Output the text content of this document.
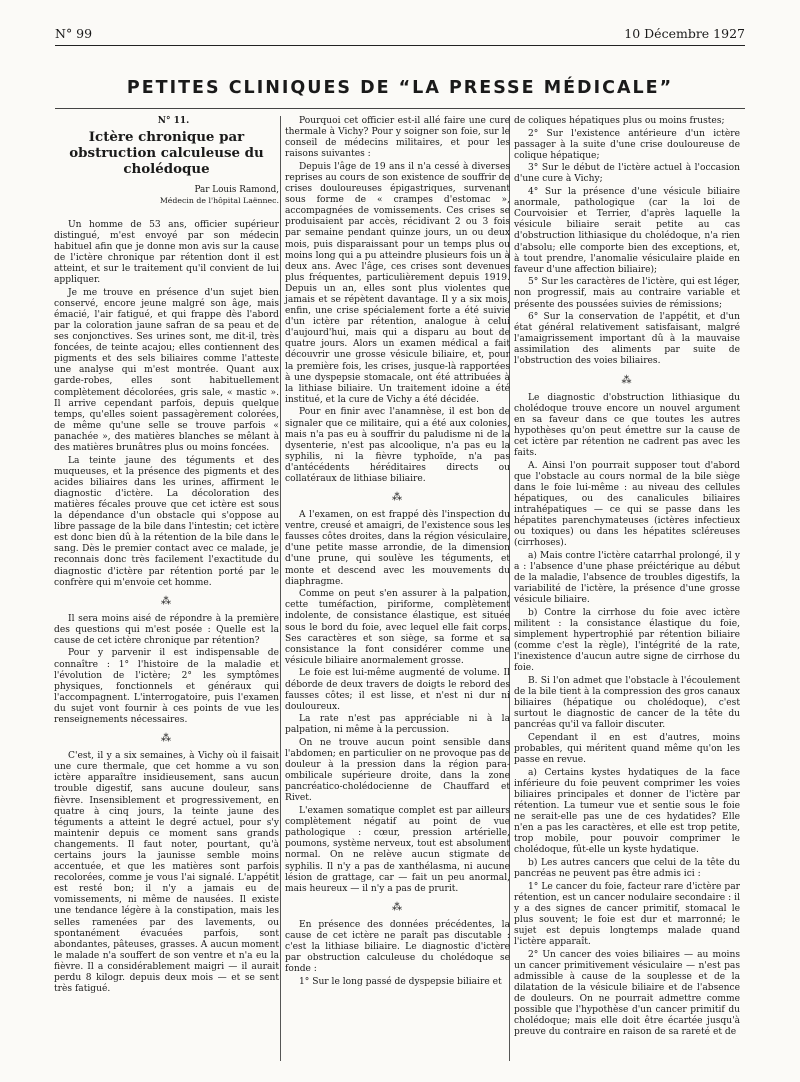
N° 99	10 Décembre 1927
PETITES CLINIQUES DE “LA PRESSE MÉDICALE”

N° 11.

Ictère chronique par obstruction calculeuse du cholédoque
Par Louis Ramond,
Médecin de l'hôpital Laënnec.

Un homme de 53 ans, officier supérieur distingué, m'est envoyé par son médecin habituel afin que je donne mon avis sur la cause de l'ictère chronique par rétention dont il est atteint, et sur le traitement qu'il convient de lui appliquer.

Je me trouve en présence d'un sujet bien conservé, encore jeune malgré son âge, mais émacié, l'air fatigué, et qui frappe dès l'abord par la coloration jaune safran de sa peau et de ses conjonctives. Ses urines sont, me dit-il, très foncées, de teinte acajou; elles contiennent des pigments et des sels biliaires comme l'atteste une analyse qui m'est montrée. Quant aux garde-robes, elles sont habituellement complètement décolorées, gris sale, « mastic ». Il arrive cependant parfois, depuis quelque temps, qu'elles soient passagèrement colorées, de même qu'une selle se trouve parfois « panachée », des matières blanches se mêlant à des matières brunâtres plus ou moins foncées.

La teinte jaune des téguments et des muqueuses, et la présence des pigments et des acides biliaires dans les urines, affirment le diagnostic d'ictère. La décoloration des matières fécales prouve que cet ictère est sous la dépendance d'un obstacle qui s'oppose au libre passage de la bile dans l'intestin; cet ictère est donc bien dû à la rétention de la bile dans le sang. Dès le premier contact avec ce malade, je reconnais donc très facilement l'exactitude du diagnostic d'ictère par rétention porté par le confrère qui m'envoie cet homme.

⁂

Il sera moins aisé de répondre à la première des questions qui m'est posée : Quelle est la cause de cet ictère chronique par rétention?

Pour y parvenir il est indispensable de connaître : 1° l'histoire de la maladie et l'évolution de l'ictère; 2° les symptômes physiques, fonctionnels et généraux qui l'accompagnent. L'interrogatoire, puis l'examen du sujet vont fournir à ces points de vue les renseignements nécessaires.

⁂

C'est, il y a six semaines, à Vichy où il faisait une cure thermale, que cet homme a vu son ictère apparaître insidieusement, sans aucun trouble digestif, sans aucune douleur, sans fièvre. Insensiblement et progressivement, en quatre à cinq jours, la teinte jaune des téguments a atteint le degré actuel, pour s'y maintenir depuis ce moment sans grands changements. Il faut noter, pourtant, qu'à certains jours la jaunisse semble moins accentuée, et que les matières sont parfois recolorées, comme je vous l'ai signalé. L'appétit est resté bon; il n'y a jamais eu de vomissements, ni même de nausées. Il existe une tendance légère à la constipation, mais les selles ramenées par des lavements, ou spontanément évacuées parfois, sont abondantes, pâteuses, grasses. A aucun moment le malade n'a souffert de son ventre et n'a eu la fièvre. Il a considérablement maigri — il aurait perdu 8 kilogr. depuis deux mois — et se sent très fatigué.

Pourquoi cet officier est-il allé faire une cure thermale à Vichy? Pour y soigner son foie, sur le conseil de médecins militaires, et pour les raisons suivantes :

Depuis l'âge de 19 ans il n'a cessé à diverses reprises au cours de son existence de souffrir de crises douloureuses épigastriques, survenant sous forme de « crampes d'estomac », accompagnées de vomissements. Ces crises se produisaient par accès, récidivant 2 ou 3 fois par semaine pendant quinze jours, un ou deux mois, puis disparaissant pour un temps plus ou moins long qui a pu atteindre plusieurs fois un à deux ans. Avec l'âge, ces crises sont devenues plus fréquentes, particulièrement depuis 1919. Depuis un an, elles sont plus violentes que jamais et se répètent davantage. Il y a six mois, enfin, une crise spécialement forte a été suivie d'un ictère par rétention, analogue à celui d'aujourd'hui, mais qui a disparu au bout de quatre jours. Alors un examen médical a fait découvrir une grosse vésicule biliaire, et, pour la première fois, les crises, jusque-là rapportées à une dyspepsie stomacale, ont été attribuées à la lithiase biliaire. Un traitement idoine a été institué, et la cure de Vichy a été décidée.

Pour en finir avec l'anamnèse, il est bon de signaler que ce militaire, qui a été aux colonies, mais n'a pas eu à souffrir du paludisme ni de la dysenterie, n'est pas alcoolique, n'a pas eu la syphilis, ni la fièvre typhoïde, n'a pas d'antécédents héréditaires directs ou collatéraux de lithiase biliaire.

⁂

A l'examen, on est frappé dès l'inspection du ventre, creusé et amaigri, de l'existence sous les fausses côtes droites, dans la région vésiculaire, d'une petite masse arrondie, de la dimension d'une prune, qui soulève les téguments, et monte et descend avec les mouvements du diaphragme.

Comme on peut s'en assurer à la palpation, cette tuméfaction, piriforme, complètement indolente, de consistance élastique, est située sous le bord du foie, avec lequel elle fait corps. Ses caractères et son siège, sa forme et sa consistance la font considérer comme une vésicule biliaire anormalement grosse.

Le foie est lui-même augmenté de volume. Il déborde de deux travers de doigts le rebord des fausses côtes; il est lisse, et n'est ni dur ni douloureux.

La rate n'est pas appréciable ni à la palpation, ni même à la percussion.

On ne trouve aucun point sensible dans l'abdomen; en particulier on ne provoque pas de douleur à la pression dans la région para-ombilicale supérieure droite, dans la zone pancréatico-cholédocienne de Chauffard et Rivet.

L'examen somatique complet est par ailleurs complètement négatif au point de vue pathologique : cœur, pression artérielle, poumons, système nerveux, tout est absolument normal. On ne relève aucun stigmate de syphilis. Il n'y a pas de xanthélasma, ni aucune lésion de grattage, car — fait un peu anormal, mais heureux — il n'y a pas de prurit.

⁂

En présence des données précédentes, la cause de cet ictère ne paraît pas discutable : c'est la lithiase biliaire. Le diagnostic d'ictère par obstruction calculeuse du cholédoque se fonde :

1° Sur le long passé de dyspepsie biliaire et

de coliques hépatiques plus ou moins frustes;

2° Sur l'existence antérieure d'un ictère passager à la suite d'une crise douloureuse de colique hépatique;

3° Sur le début de l'ictère actuel à l'occasion d'une cure à Vichy;

4° Sur la présence d'une vésicule biliaire anormale, pathologique (car la loi de Courvoisier et Terrier, d'après laquelle la vésicule biliaire serait petite au cas d'obstruction lithiasique du cholédoque, n'a rien d'absolu; elle comporte bien des exceptions, et, à tout prendre, l'anomalie vésiculaire plaide en faveur d'une affection biliaire);

5° Sur les caractères de l'ictère, qui est léger, non progressif, mais au contraire variable et présente des poussées suivies de rémissions;

6° Sur la conservation de l'appétit, et d'un état général relativement satisfaisant, malgré l'amaigrissement important dû à la mauvaise assimilation des aliments par suite de l'obstruction des voies biliaires.

⁂

Le diagnostic d'obstruction lithiasique du cholédoque trouve encore un nouvel argument en sa faveur dans ce que toutes les autres hypothèses qu'on peut émettre sur la cause de cet ictère par rétention ne cadrent pas avec les faits.

A. Ainsi l'on pourrait supposer tout d'abord que l'obstacle au cours normal de la bile siège dans le foie lui-même : au niveau des cellules hépatiques, ou des canalicules biliaires intrahépatiques — ce qui se passe dans les hépatites parenchymateuses (ictères infectieux ou toxiques) ou dans les hépatites scléreuses (cirrhoses).

a) Mais contre l'ictère catarrhal prolongé, il y a : l'absence d'une phase préictérique au début de la maladie, l'absence de troubles digestifs, la variabilité de l'ictère, la présence d'une grosse vésicule biliaire.

b) Contre la cirrhose du foie avec ictère militent : la consistance élastique du foie, simplement hypertrophié par rétention biliaire (comme c'est la règle), l'intégrité de la rate, l'inexistence d'aucun autre signe de cirrhose du foie.

B. Si l'on admet que l'obstacle à l'écoulement de la bile tient à la compression des gros canaux biliaires (hépatique ou cholédoque), c'est surtout le diagnostic de cancer de la tête du pancréas qu'il va falloir discuter.

Cependant il en est d'autres, moins probables, qui méritent quand même qu'on les passe en revue.

a) Certains kystes hydatiques de la face inférieure du foie peuvent comprimer les voies biliaires principales et donner de l'ictère par rétention. La tumeur vue et sentie sous le foie ne serait-elle pas une de ces hydatides? Elle n'en a pas les caractères, et elle est trop petite, trop mobile, pour pouvoir comprimer le cholédoque, fût-elle un kyste hydatique.

b) Les autres cancers que celui de la tête du pancréas ne peuvent pas être admis ici :

1° Le cancer du foie, facteur rare d'ictère par rétention, est un cancer nodulaire secondaire : il y a des signes de cancer primitif, stomacal le plus souvent; le foie est dur et marronné; le sujet est depuis longtemps malade quand l'ictère apparaît.

2° Un cancer des voies biliaires — au moins un cancer primitivement vésiculaire — n'est pas admissible à cause de la souplesse et de la dilatation de la vésicule biliaire et de l'absence de douleurs. On ne pourrait admettre comme possible que l'hypothèse d'un cancer primitif du cholédoque; mais elle doit être écartée jusqu'à preuve du contraire en raison de sa rareté et de
